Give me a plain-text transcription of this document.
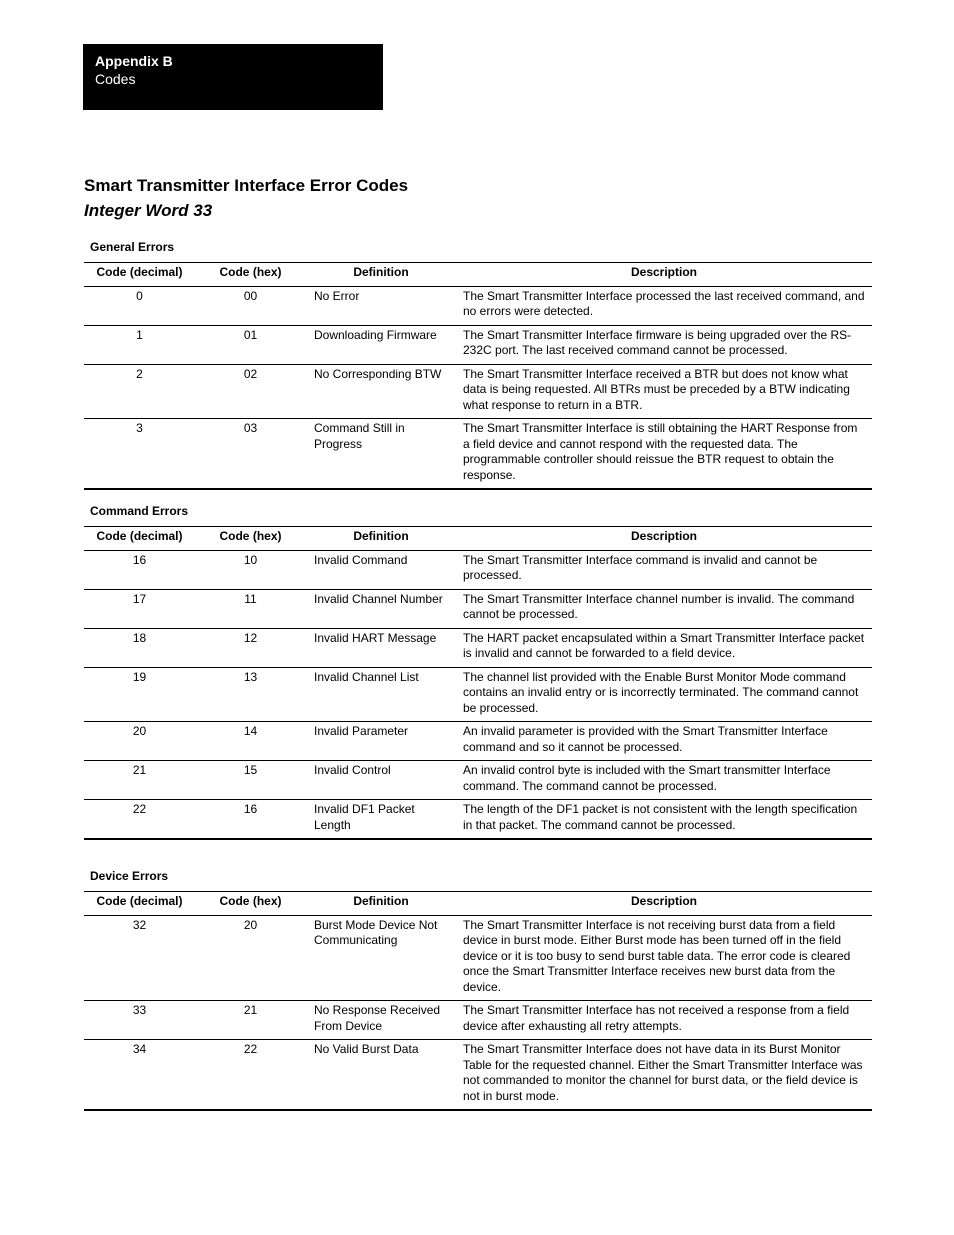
Appendix B
Codes
Smart Transmitter Interface Error Codes
Integer Word 33
General Errors
Code (decimal)	Code (hex)	Definition	Description
0	00	No Error	The Smart Transmitter Interface processed the last received command, and no errors were detected.
1	01	Downloading Firmware	The Smart Transmitter Interface firmware is being upgraded over the RS-232C port. The last received command cannot be processed.
2	02	No Corresponding BTW	The Smart Transmitter Interface received a BTR but does not know what data is being requested. All BTRs must be preceded by a BTW indicating what response to return in a BTR.
3	03	Command Still in Progress	The Smart Transmitter Interface is still obtaining the HART Response from a field device and cannot respond with the requested data. The programmable controller should reissue the BTR request to obtain the response.
Command Errors
Code (decimal)	Code (hex)	Definition	Description
16	10	Invalid Command	The Smart Transmitter Interface command is invalid and cannot be processed.
17	11	Invalid Channel Number	The Smart Transmitter Interface channel number is invalid. The command cannot be processed.
18	12	Invalid HART Message	The HART packet encapsulated within a Smart Transmitter Interface packet is invalid and cannot be forwarded to a field device.
19	13	Invalid Channel List	The channel list provided with the Enable Burst Monitor Mode command contains an invalid entry or is incorrectly terminated. The command cannot be processed.
20	14	Invalid Parameter	An invalid parameter is provided with the Smart Transmitter Interface command and so it cannot be processed.
21	15	Invalid Control	An invalid control byte is included with the Smart transmitter Interface command. The command cannot be processed.
22	16	Invalid DF1 Packet Length	The length of the DF1 packet is not consistent with the length specification in that packet. The command cannot be processed.
Device Errors
Code (decimal)	Code (hex)	Definition	Description
32	20	Burst Mode Device Not Communicating	The Smart Transmitter Interface is not receiving burst data from a field device in burst mode. Either Burst mode has been turned off in the field device or it is too busy to send burst table data. The error code is cleared once the Smart Transmitter Interface receives new burst data from the device.
33	21	No Response Received From Device	The Smart Transmitter Interface has not received a response from a field device after exhausting all retry attempts.
34	22	No Valid Burst Data	The Smart Transmitter Interface does not have data in its Burst Monitor Table for the requested channel. Either the Smart Transmitter Interface was not commanded to monitor the channel for burst data, or the field device is not in burst mode.
